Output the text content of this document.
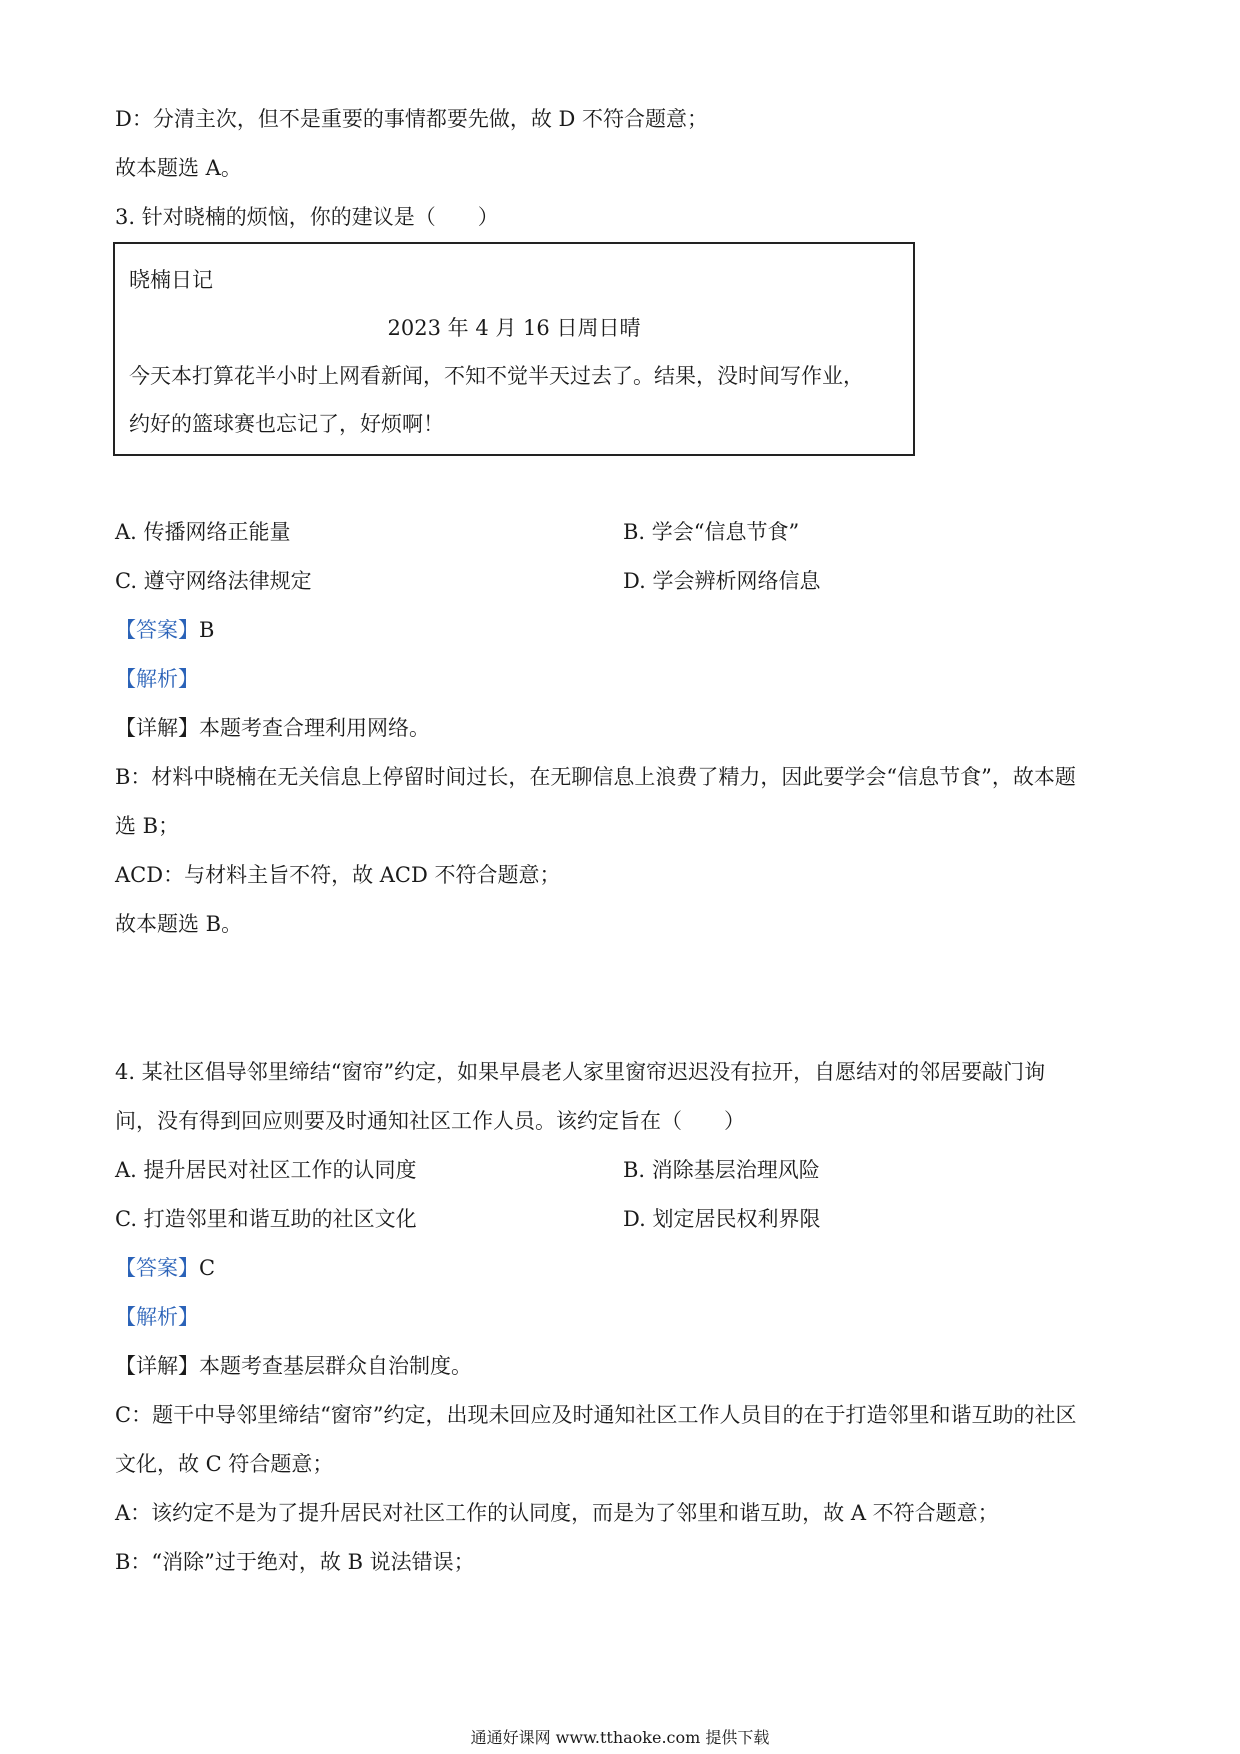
D：分清主次，但不是重要的事情都要先做，故 D 不符合题意；

故本题选 A。

3. 针对晓楠的烦恼，你的建议是（　　）

晓楠日记

2023 年 4 月 16 日周日晴

今天本打算花半小时上网看新闻，不知不觉半天过去了。结果，没时间写作业，

约好的篮球赛也忘记了，好烦啊！

A. 传播网络正能量	B. 学会“信息节食”

C. 遵守网络法律规定	D. 学会辨析网络信息

【答案】B

【解析】

【详解】本题考查合理利用网络。

B：材料中晓楠在无关信息上停留时间过长，在无聊信息上浪费了精力，因此要学会“信息节食”，故本题

选 B；

ACD：与材料主旨不符，故 ACD 不符合题意；

故本题选 B。

4. 某社区倡导邻里缔结“窗帘”约定，如果早晨老人家里窗帘迟迟没有拉开，自愿结对的邻居要敲门询

问，没有得到回应则要及时通知社区工作人员。该约定旨在（　　）

A. 提升居民对社区工作的认同度	B. 消除基层治理风险

C. 打造邻里和谐互助的社区文化	D. 划定居民权利界限

【答案】C

【解析】

【详解】本题考查基层群众自治制度。

C：题干中导邻里缔结“窗帘”约定，出现未回应及时通知社区工作人员目的在于打造邻里和谐互助的社区

文化，故 C 符合题意；

A：该约定不是为了提升居民对社区工作的认同度，而是为了邻里和谐互助，故 A 不符合题意；

B：“消除”过于绝对，故 B 说法错误；

通通好课网 www.tthaoke.com 提供下载
